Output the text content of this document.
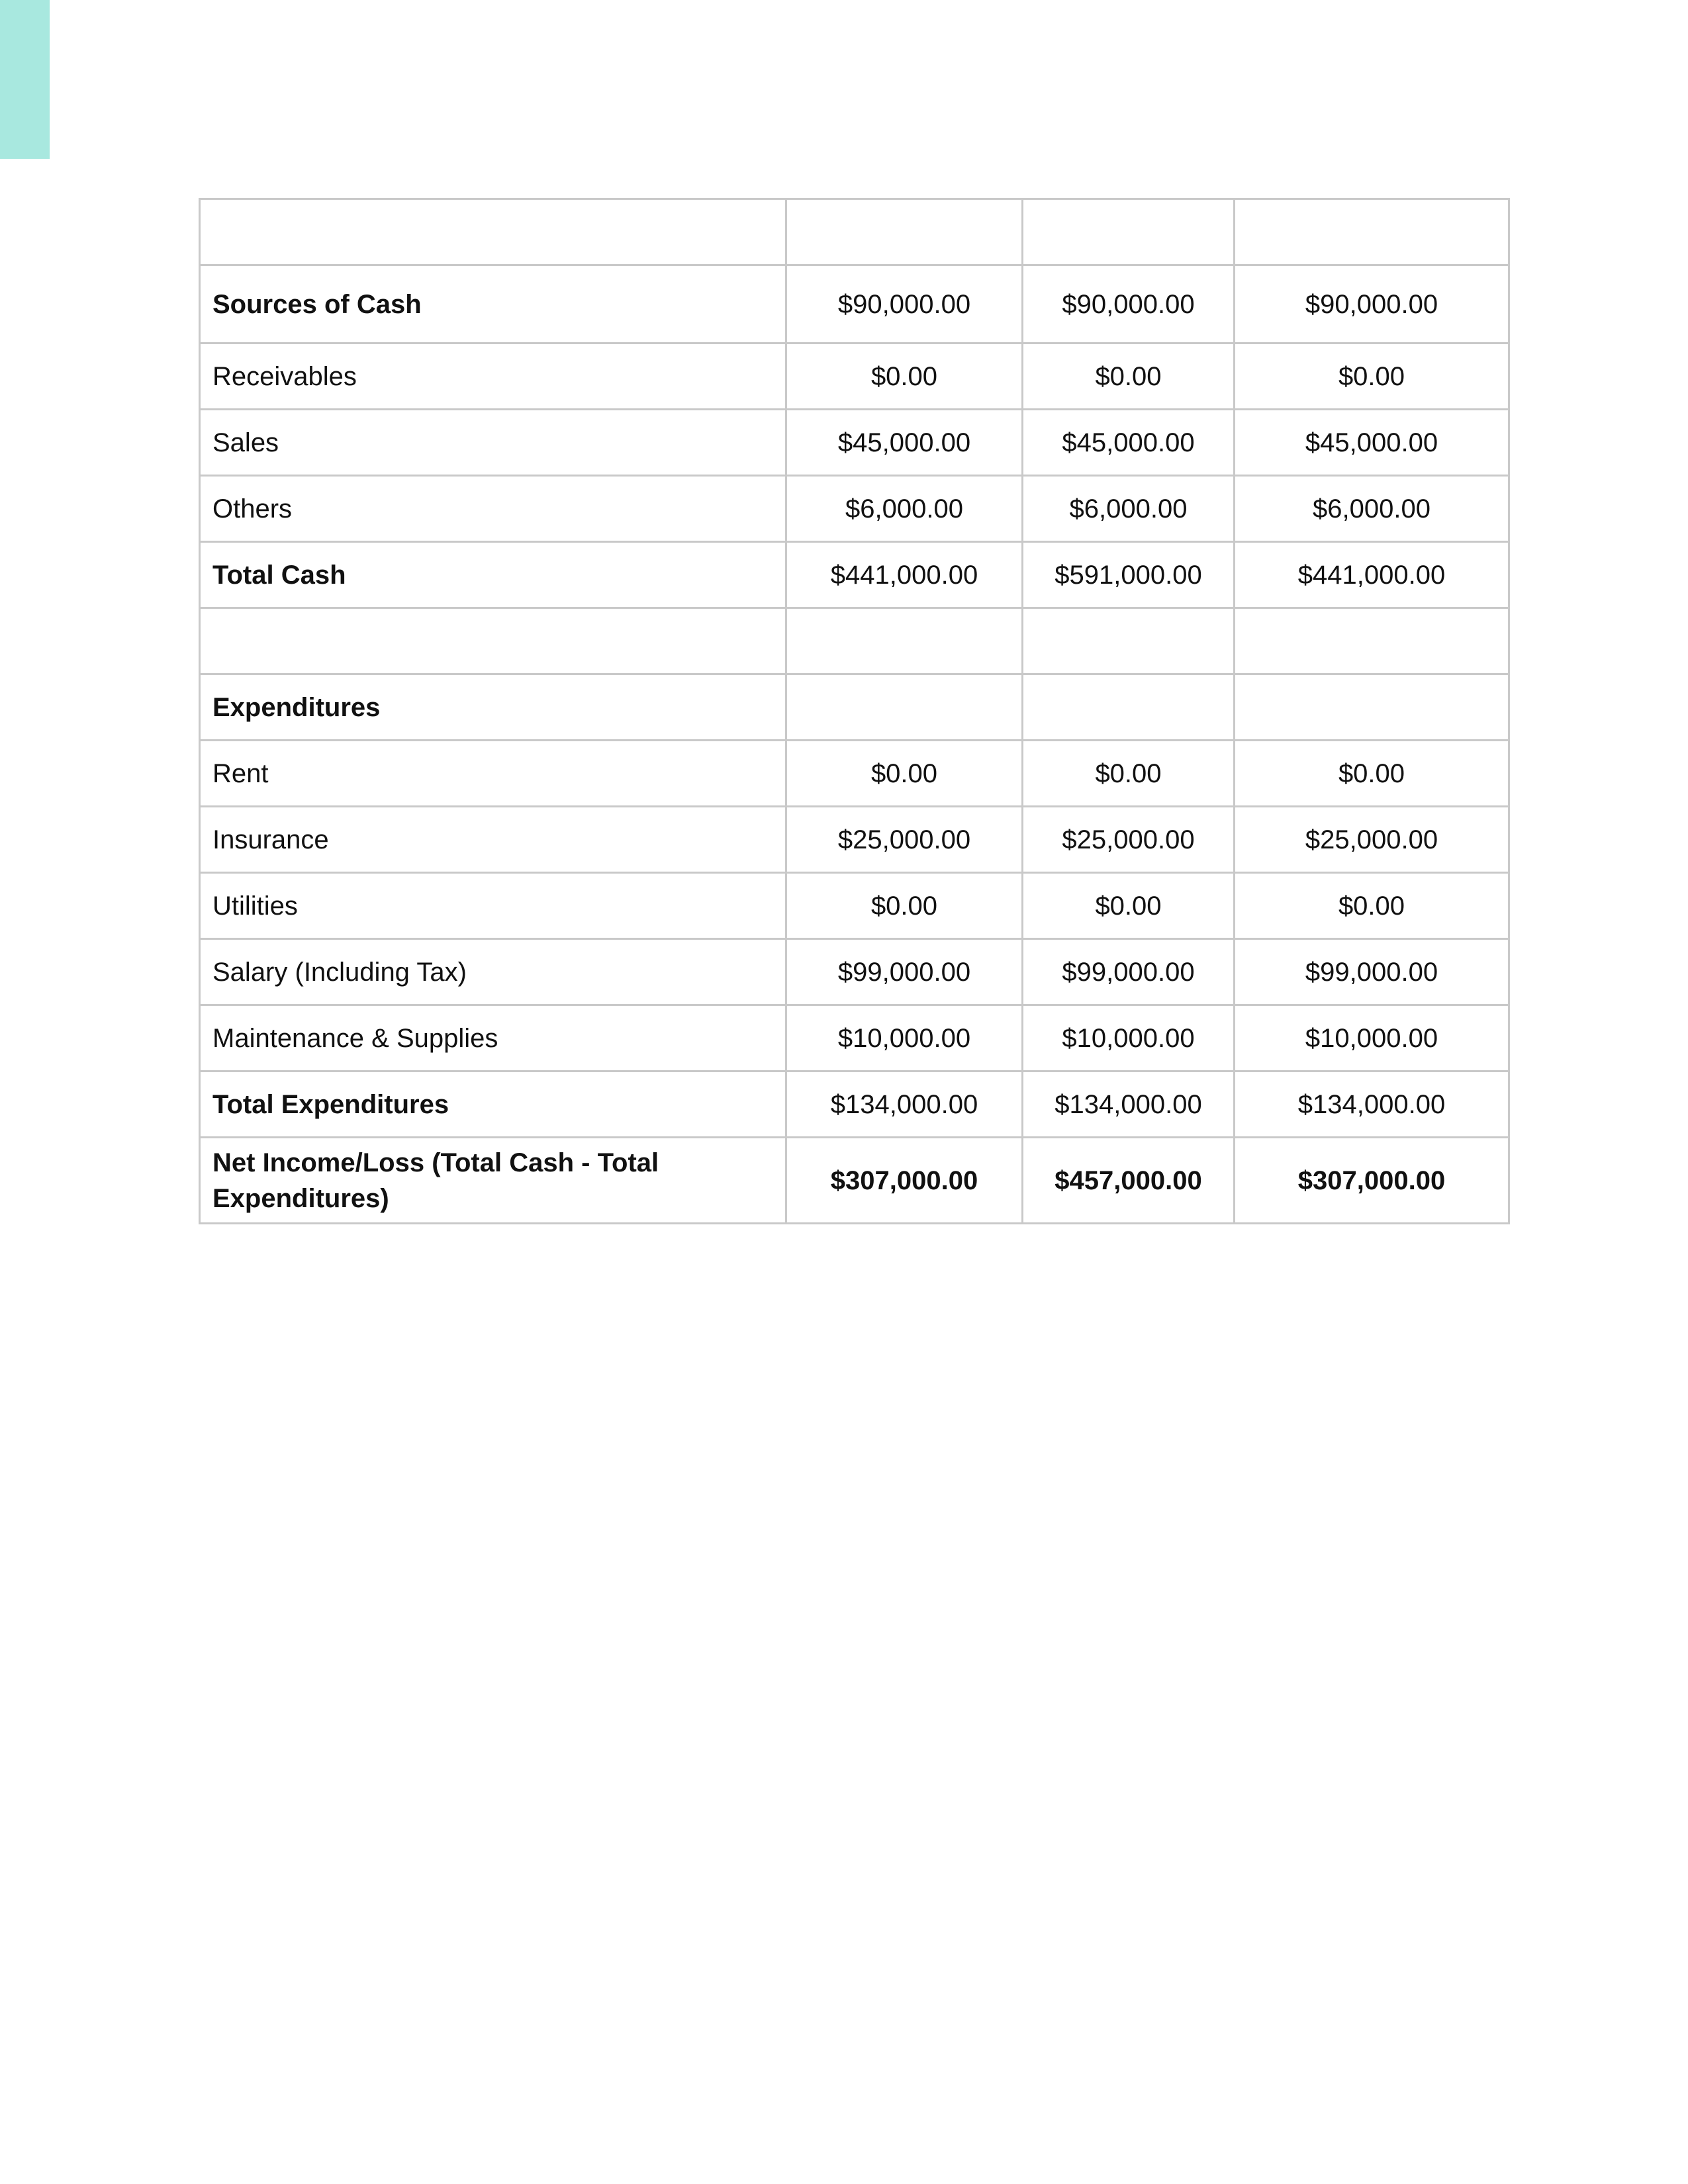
Sources of Cash	$90,000.00	$90,000.00	$90,000.00
Receivables	$0.00	$0.00	$0.00
Sales	$45,000.00	$45,000.00	$45,000.00
Others	$6,000.00	$6,000.00	$6,000.00
Total Cash	$441,000.00	$591,000.00	$441,000.00

Expenditures			
Rent	$0.00	$0.00	$0.00
Insurance	$25,000.00	$25,000.00	$25,000.00
Utilities	$0.00	$0.00	$0.00
Salary (Including Tax)	$99,000.00	$99,000.00	$99,000.00
Maintenance & Supplies	$10,000.00	$10,000.00	$10,000.00
Total Expenditures	$134,000.00	$134,000.00	$134,000.00
Net Income/Loss (Total Cash - Total Expenditures)	$307,000.00	$457,000.00	$307,000.00
